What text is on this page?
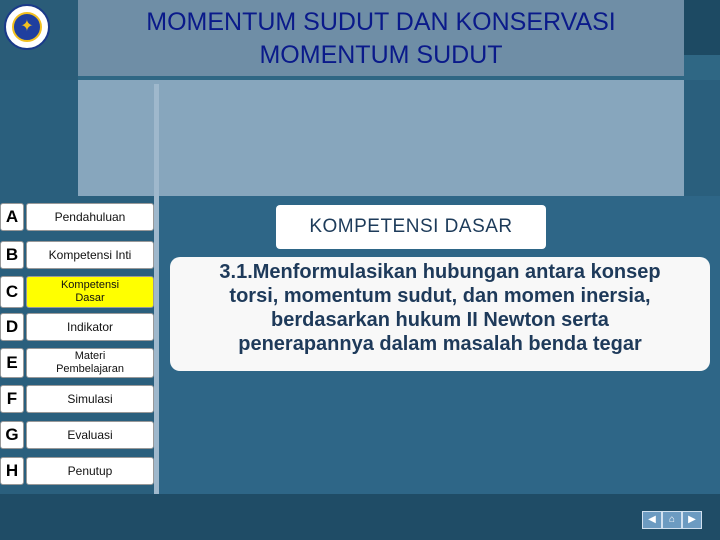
✦	MOMENTUM SUDUT DAN KONSERVASI
MOMENTUM SUDUT
A	Pendahuluan
B	Kompetensi Inti
C	Kompetensi
Dasar
D	Indikator
E	Materi
Pembelajaran
F	Simulasi
G	Evaluasi
H	Penutup
KOMPETENSI DASAR
3.1.Menformulasikan hubungan antara konsep
torsi, momentum sudut, dan momen inersia,
berdasarkan hukum II Newton serta
penerapannya dalam masalah benda tegar
◀	⌂	▶
